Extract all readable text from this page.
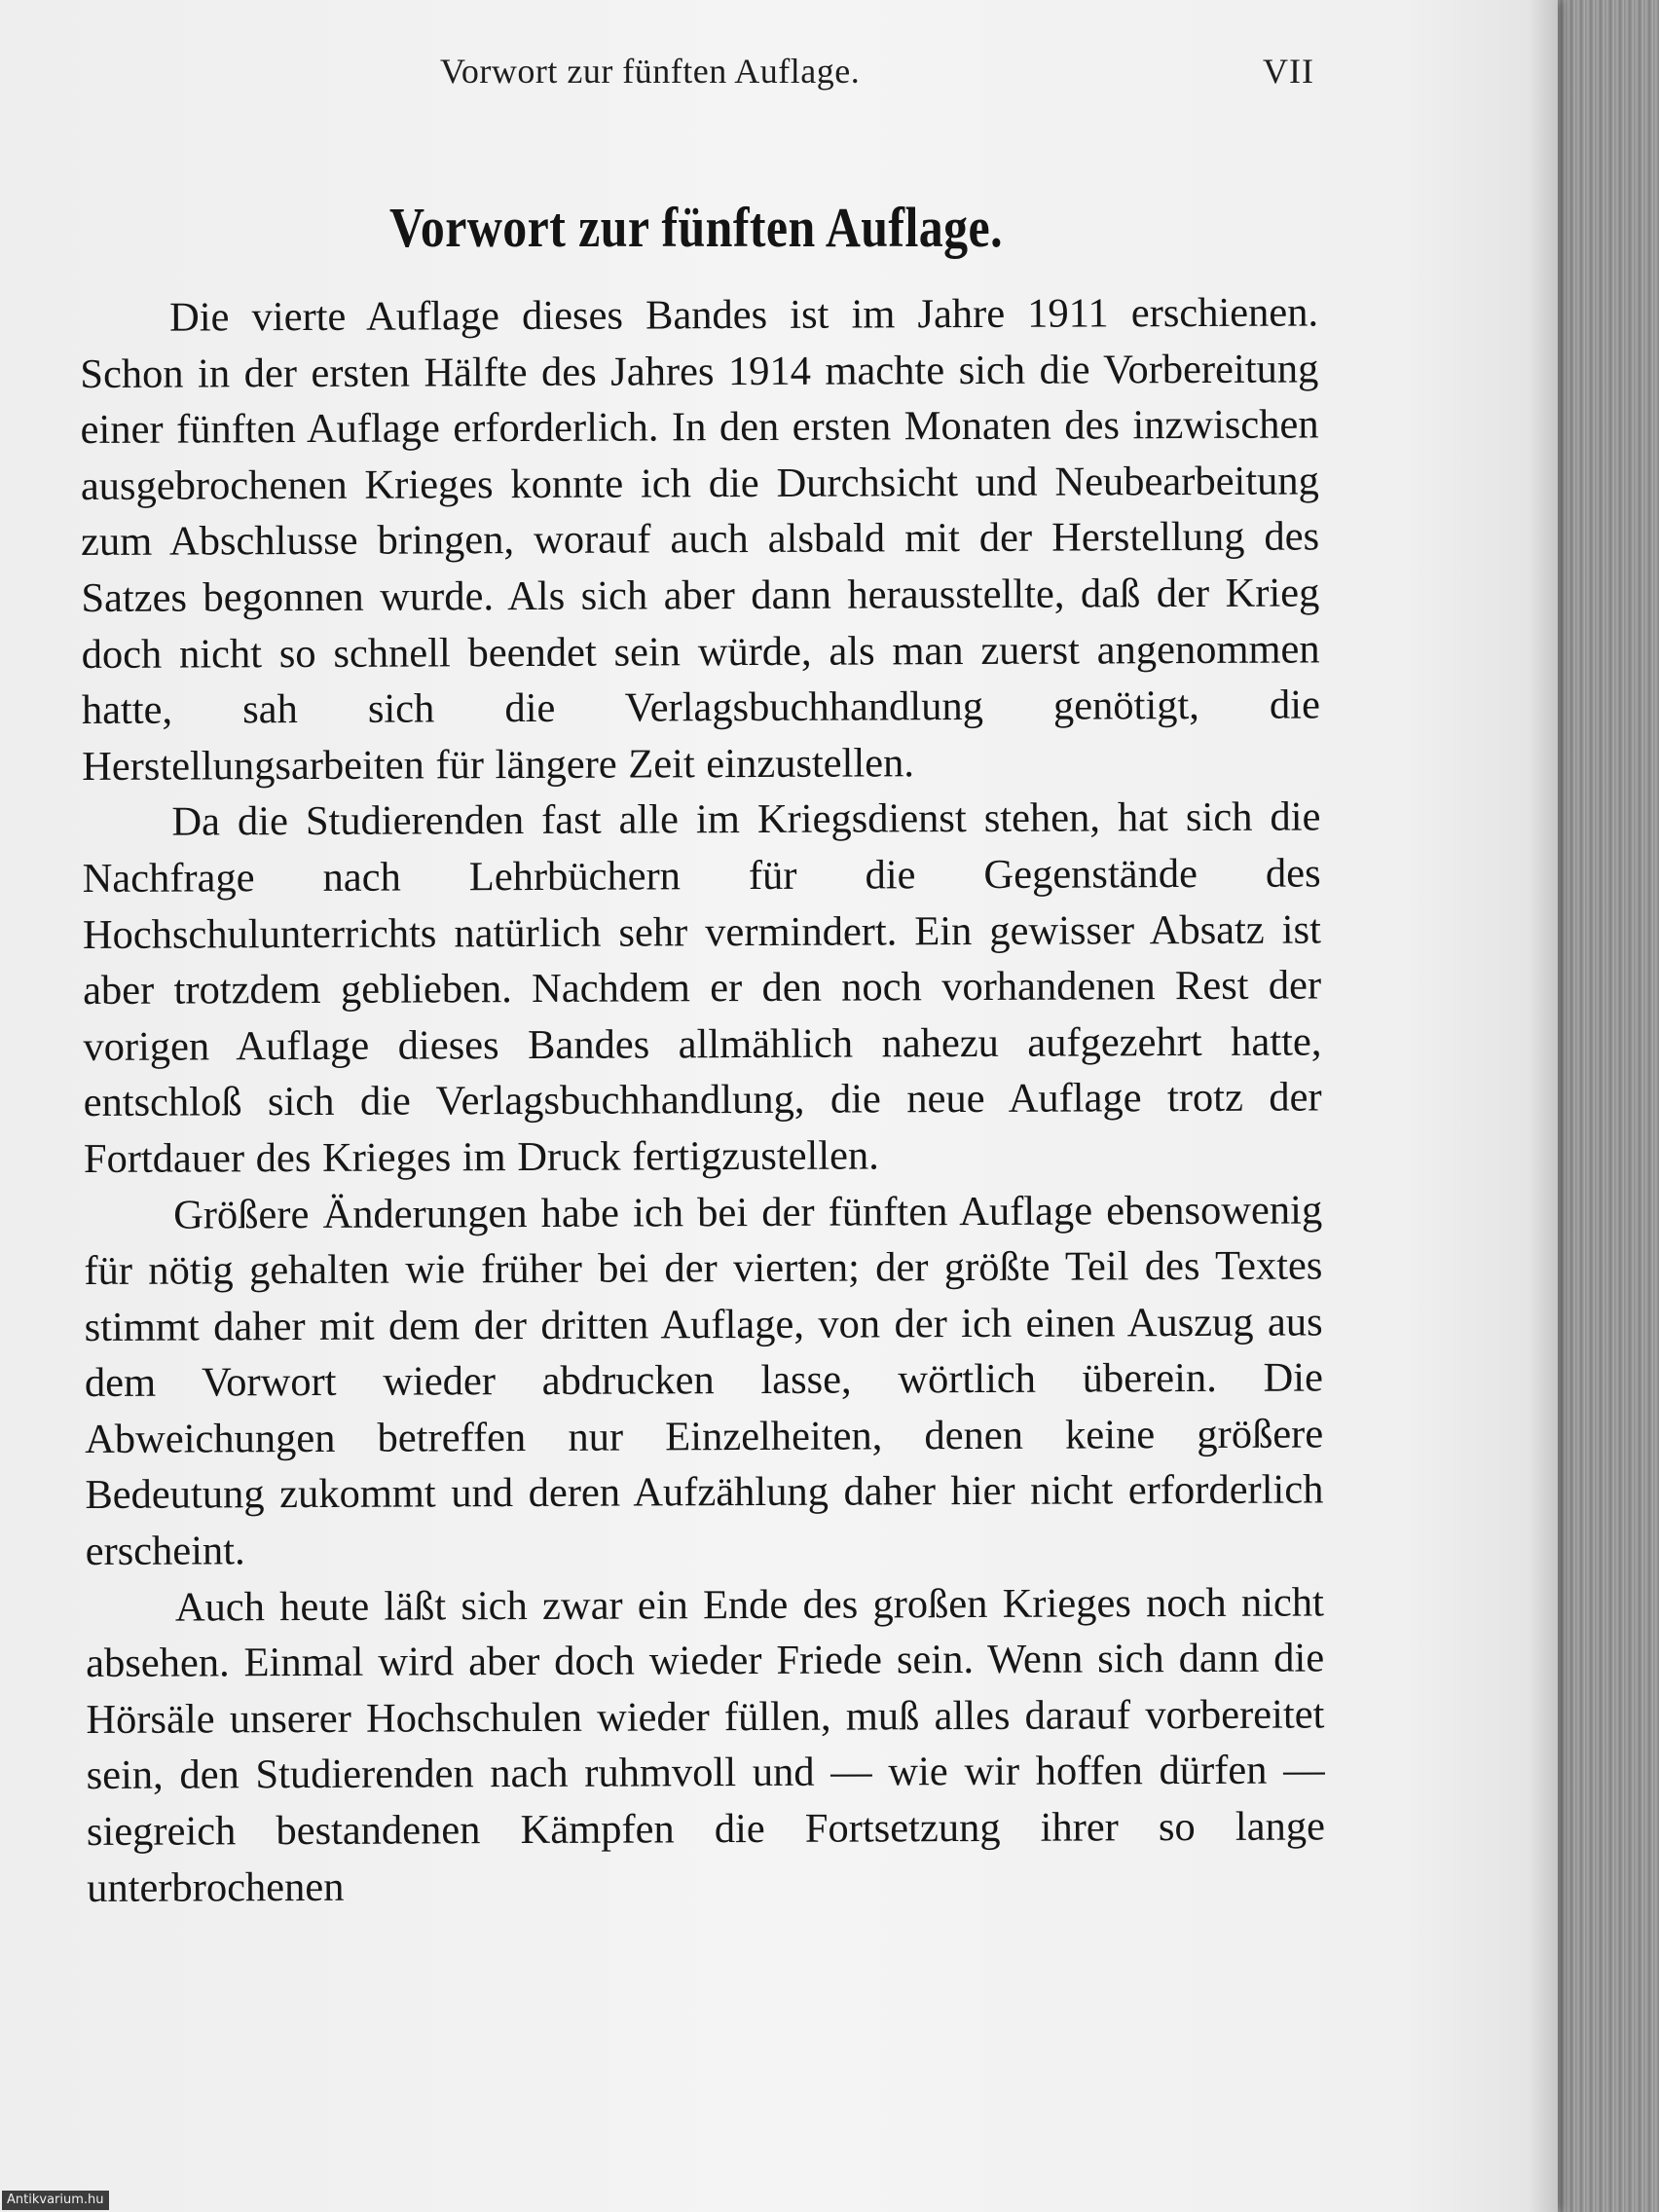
Vorwort zur fünften Auflage.	VII
Vorwort zur fünften Auflage.

Die vierte Auflage dieses Bandes ist im Jahre 1911 erschienen. Schon in der ersten Hälfte des Jahres 1914 machte sich die Vorbereitung einer fünften Auflage erforderlich. In den ersten Monaten des inzwischen ausgebrochenen Krieges konnte ich die Durchsicht und Neubearbeitung zum Abschlusse bringen, worauf auch alsbald mit der Herstellung des Satzes begonnen wurde. Als sich aber dann herausstellte, daß der Krieg doch nicht so schnell beendet sein würde, als man zuerst angenommen hatte, sah sich die Verlagsbuchhandlung genötigt, die Herstellungsarbeiten für längere Zeit einzustellen.

Da die Studierenden fast alle im Kriegsdienst stehen, hat sich die Nachfrage nach Lehrbüchern für die Gegenstände des Hochschulunterrichts natürlich sehr vermindert. Ein gewisser Absatz ist aber trotzdem geblieben. Nachdem er den noch vorhandenen Rest der vorigen Auflage dieses Bandes allmählich nahezu aufgezehrt hatte, entschloß sich die Verlagsbuchhandlung, die neue Auflage trotz der Fortdauer des Krieges im Druck fertigzustellen.

Größere Änderungen habe ich bei der fünften Auflage ebensowenig für nötig gehalten wie früher bei der vierten; der größte Teil des Textes stimmt daher mit dem der dritten Auflage, von der ich einen Auszug aus dem Vorwort wieder abdrucken lasse, wörtlich überein. Die Abweichungen betreffen nur Einzelheiten, denen keine größere Bedeutung zukommt und deren Aufzählung daher hier nicht erforderlich erscheint.

Auch heute läßt sich zwar ein Ende des großen Krieges noch nicht absehen. Einmal wird aber doch wieder Friede sein. Wenn sich dann die Hörsäle unserer Hochschulen wieder füllen, muß alles darauf vorbereitet sein, den Studierenden nach ruhmvoll und — wie wir hoffen dürfen — siegreich bestandenen Kämpfen die Fortsetzung ihrer so lange unterbrochenen

Antikvarium.hu
